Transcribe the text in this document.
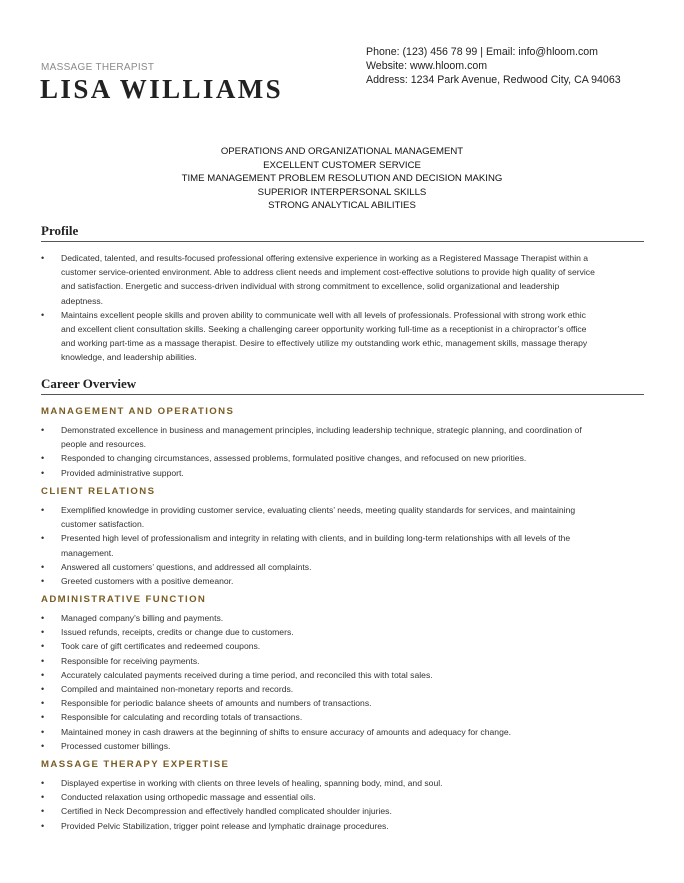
MASSAGE THERAPIST
LISA WILLIAMS
Phone: (123) 456 78 99 | Email: info@hloom.com
Website: www.hloom.com
Address: 1234 Park Avenue, Redwood City, CA 94063
OPERATIONS AND ORGANIZATIONAL MANAGEMENT
EXCELLENT CUSTOMER SERVICE
TIME MANAGEMENT PROBLEM RESOLUTION AND DECISION MAKING
SUPERIOR INTERPERSONAL SKILLS
STRONG ANALYTICAL ABILITIES
Profile
• Dedicated, talented, and results-focused professional offering extensive experience in working as a Registered Massage Therapist within a customer service-oriented environment. Able to address client needs and implement cost-effective solutions to provide high quality of service and satisfaction. Energetic and success-driven individual with strong commitment to excellence, solid organizational and leadership adeptness.
• Maintains excellent people skills and proven ability to communicate well with all levels of professionals. Professional with strong work ethic and excellent client consultation skills. Seeking a challenging career opportunity working full-time as a receptionist in a chiropractor’s office and working part-time as a massage therapist. Desire to effectively utilize my outstanding work ethic, management skills, massage therapy knowledge, and leadership abilities.
Career Overview
MANAGEMENT AND OPERATIONS
• Demonstrated excellence in business and management principles, including leadership technique, strategic planning, and coordination of people and resources.
• Responded to changing circumstances, assessed problems, formulated positive changes, and refocused on new priorities.
• Provided administrative support.
CLIENT RELATIONS
• Exemplified knowledge in providing customer service, evaluating clients’ needs, meeting quality standards for services, and maintaining customer satisfaction.
• Presented high level of professionalism and integrity in relating with clients, and in building long-term relationships with all levels of the management.
• Answered all customers’ questions, and addressed all complaints.
• Greeted customers with a positive demeanor.
ADMINISTRATIVE FUNCTION
• Managed company's billing and payments.
• Issued refunds, receipts, credits or change due to customers.
• Took care of gift certificates and redeemed coupons.
• Responsible for receiving payments.
• Accurately calculated payments received during a time period, and reconciled this with total sales.
• Compiled and maintained non-monetary reports and records.
• Responsible for periodic balance sheets of amounts and numbers of transactions.
• Responsible for calculating and recording totals of transactions.
• Maintained money in cash drawers at the beginning of shifts to ensure accuracy of amounts and adequacy for change.
• Processed customer billings.
MASSAGE THERAPY EXPERTISE
• Displayed expertise in working with clients on three levels of healing, spanning body, mind, and soul.
• Conducted relaxation using orthopedic massage and essential oils.
• Certified in Neck Decompression and effectively handled complicated shoulder injuries.
• Provided Pelvic Stabilization, trigger point release and lymphatic drainage procedures.
